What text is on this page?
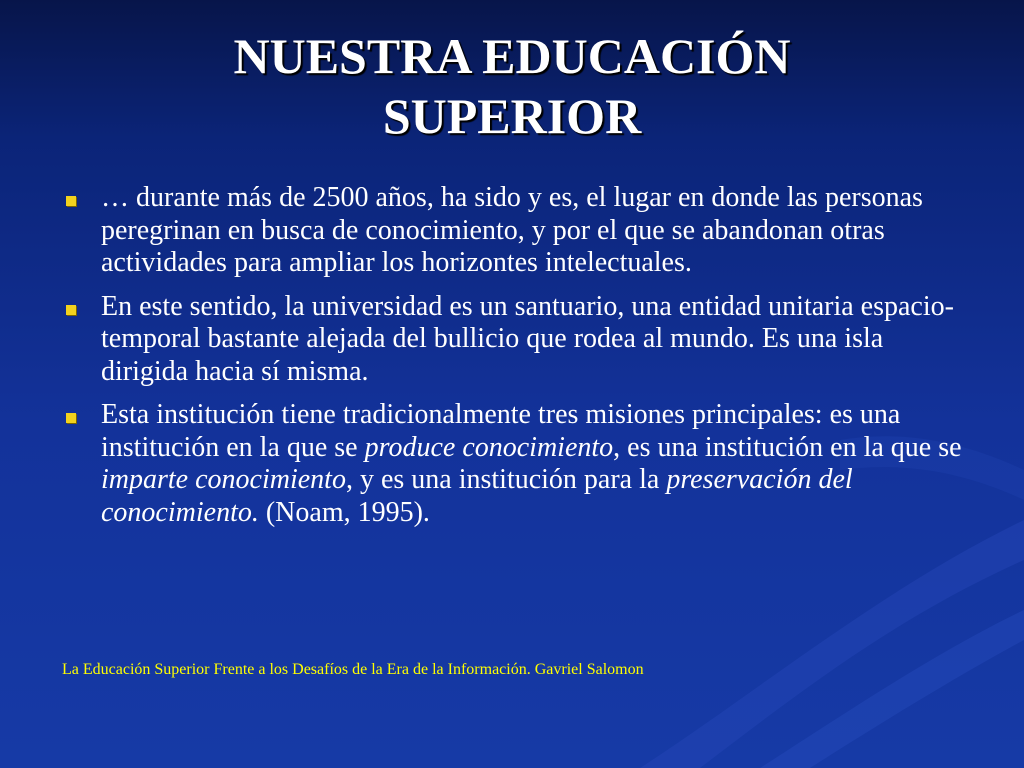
NUESTRA EDUCACIÓN
SUPERIOR
… durante más de 2500 años, ha sido y es, el lugar en donde las personas peregrinan en busca de conocimiento, y por el que se abandonan otras actividades para ampliar los horizontes intelectuales.
En este sentido, la universidad es un santuario, una entidad unitaria espacio-temporal bastante alejada del bullicio que rodea al mundo. Es una isla dirigida hacia sí misma.
Esta institución tiene tradicionalmente tres misiones principales: es una institución en la que se produce conocimiento, es una institución en la que se imparte conocimiento, y es una institución para la preservación del conocimiento. (Noam, 1995).
La Educación Superior Frente a los Desafíos de la Era de la Información. Gavriel Salomon
